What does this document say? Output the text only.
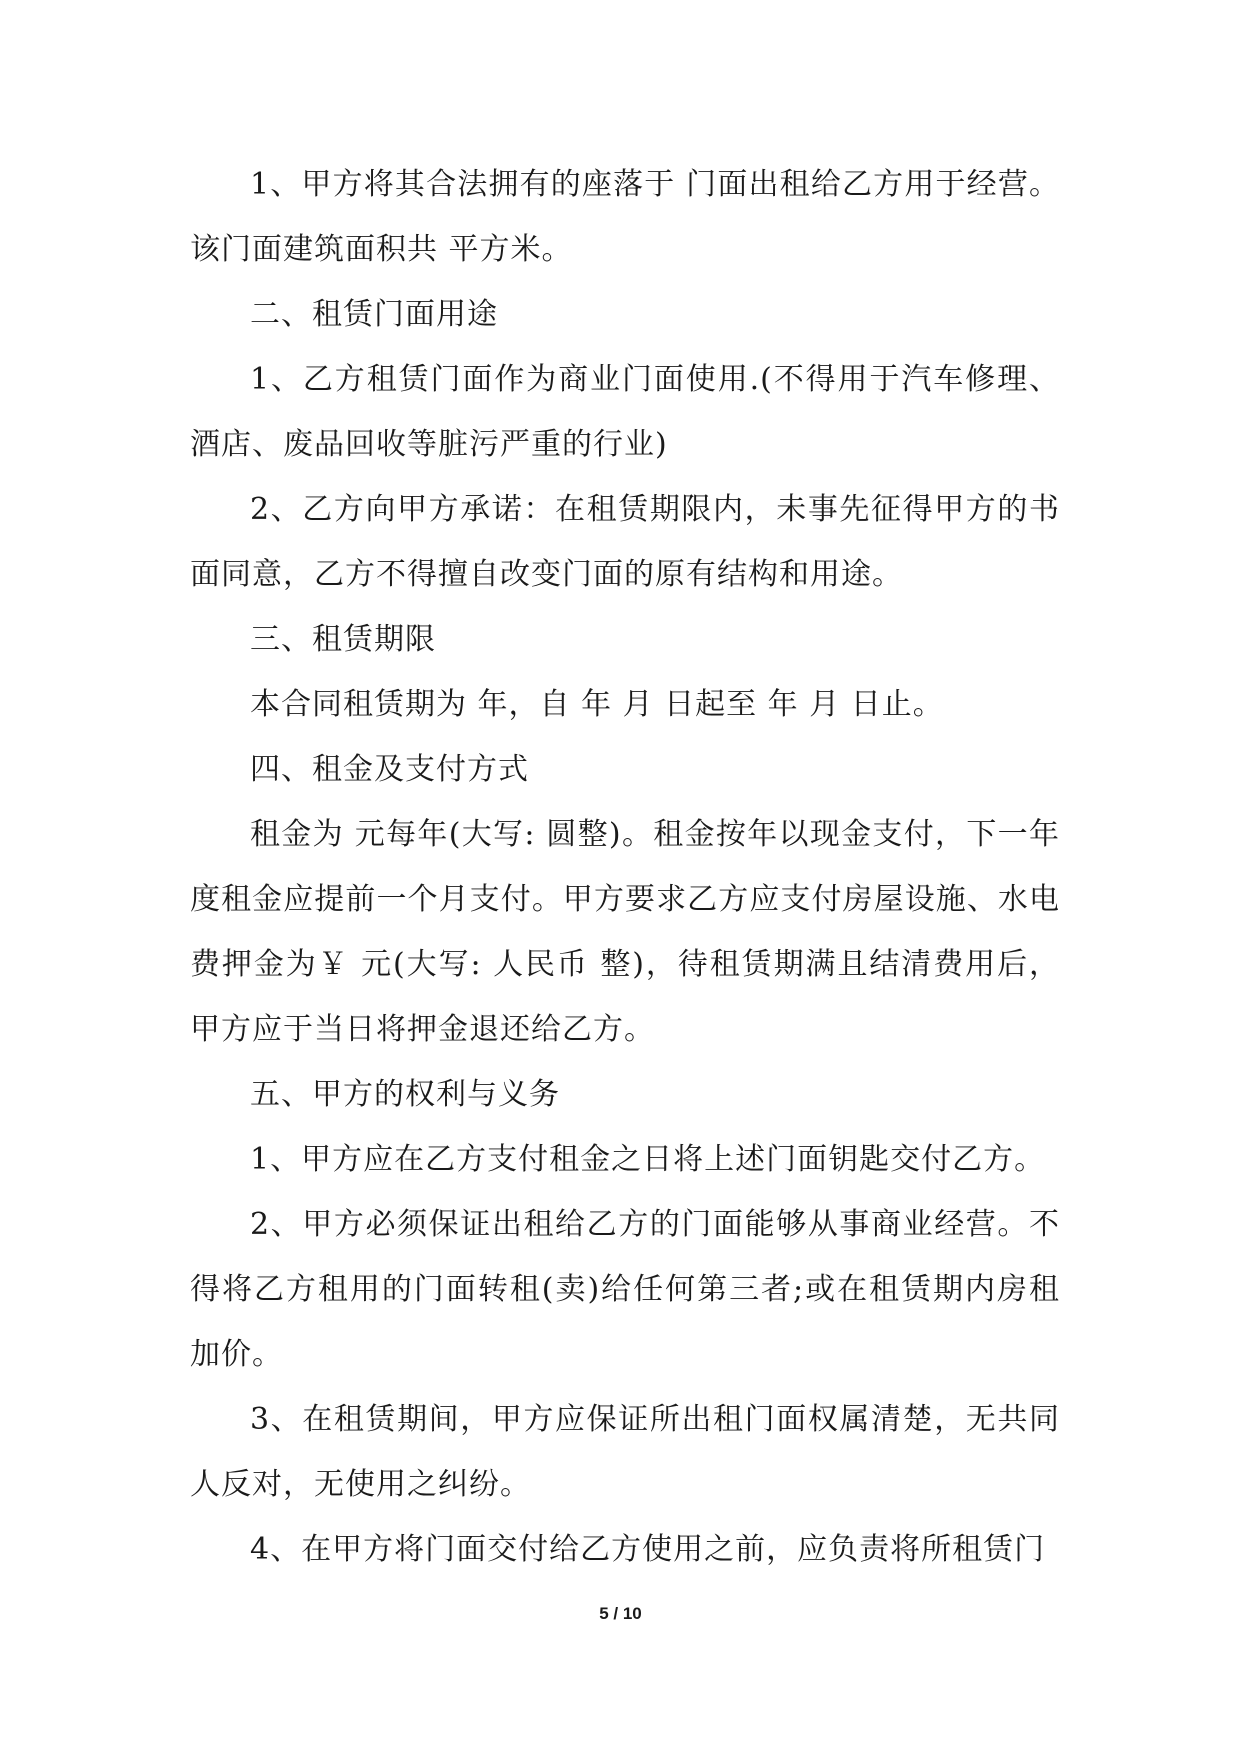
1、甲方将其合法拥有的座落于 门面出租给乙方用于经营。该门面建筑面积共 平方米。

二、租赁门面用途

1、乙方租赁门面作为商业门面使用.(不得用于汽车修理、酒店、废品回收等脏污严重的行业)

2、乙方向甲方承诺：在租赁期限内，未事先征得甲方的书面同意，乙方不得擅自改变门面的原有结构和用途。

三、租赁期限

本合同租赁期为 年，自 年 月 日起至 年 月 日止。

四、租金及支付方式

租金为 元每年(大写: 圆整)。租金按年以现金支付，下一年度租金应提前一个月支付。甲方要求乙方应支付房屋设施、水电费押金为￥ 元(大写: 人民币 整)，待租赁期满且结清费用后，甲方应于当日将押金退还给乙方。

五、甲方的权利与义务

1、甲方应在乙方支付租金之日将上述门面钥匙交付乙方。

2、甲方必须保证出租给乙方的门面能够从事商业经营。不得将乙方租用的门面转租(卖)给任何第三者;或在租赁期内房租加价。

3、在租赁期间，甲方应保证所出租门面权属清楚，无共同人反对，无使用之纠纷。

4、在甲方将门面交付给乙方使用之前，应负责将所租赁门

5 / 10
